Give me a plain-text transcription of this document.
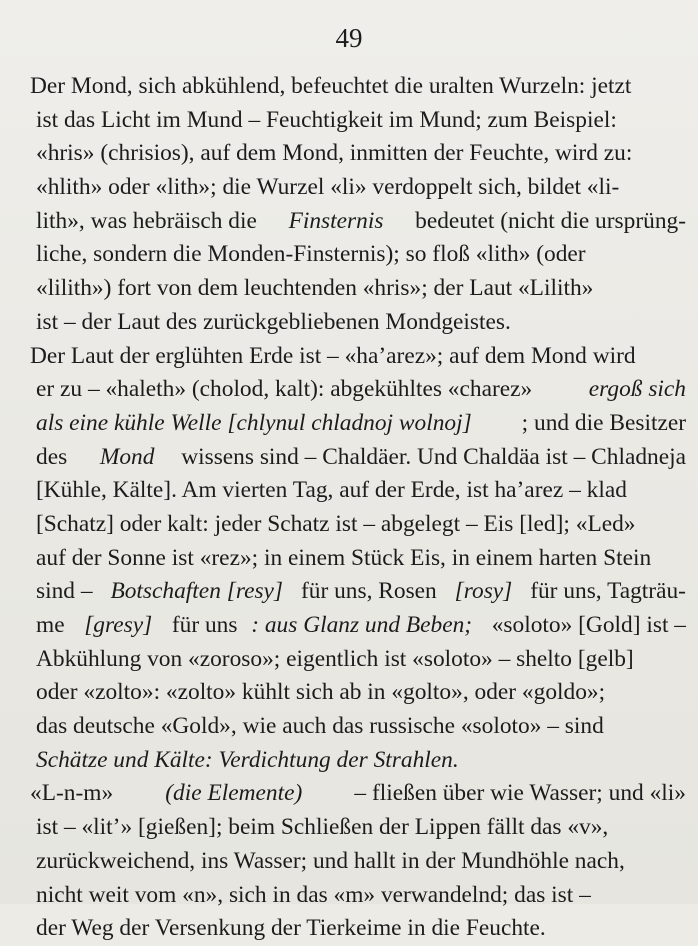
49
Der Mond, sich abkühlend, befeuchtet die uralten Wurzeln: jetzt
ist das Licht im Mund – Feuchtigkeit im Mund; zum Beispiel:
«hris» (chrisios), auf dem Mond, inmitten der Feuchte, wird zu:
«hlith» oder «lith»; die Wurzel «li» verdoppelt sich, bildet «li-
lith», was hebräisch die Finsternis bedeutet (nicht die ursprüng-
liche, sondern die Monden-Finsternis); so floß «lith» (oder
«lilith») fort von dem leuchtenden «hris»; der Laut «Lilith»
ist – der Laut des zurückgebliebenen Mondgeistes.
Der Laut der erglühten Erde ist – «ha’arez»; auf dem Mond wird
er zu – «haleth» (cholod, kalt): abgekühltes «charez» ergoß sich
als eine kühle Welle [chlynul chladnoj wolnoj] ; und die Besitzer
des Mond wissens sind – Chaldäer. Und Chaldäa ist – Chladneja
[Kühle, Kälte]. Am vierten Tag, auf der Erde, ist ha’arez – klad
[Schatz] oder kalt: jeder Schatz ist – abgelegt – Eis [led]; «Led»
auf der Sonne ist «rez»; in einem Stück Eis, in einem harten Stein
sind – Botschaften [resy] für uns, Rosen [rosy] für uns, Tagträu-
me [gresy] für uns : aus Glanz und Beben; «soloto» [Gold] ist –
Abkühlung von «zoroso»; eigentlich ist «soloto» – shelto [gelb]
oder «zolto»: «zolto» kühlt sich ab in «golto», oder «goldo»;
das deutsche «Gold», wie auch das russische «soloto» – sind
Schätze und Kälte: Verdichtung der Strahlen.
«L-n-m» (die Elemente) – fließen über wie Wasser; und «li»
ist – «lit’» [gießen]; beim Schließen der Lippen fällt das «v»,
zurückweichend, ins Wasser; und hallt in der Mundhöhle nach,
nicht weit vom «n», sich in das «m» verwandelnd; das ist –
der Weg der Versenkung der Tierkeime in die Feuchte.
